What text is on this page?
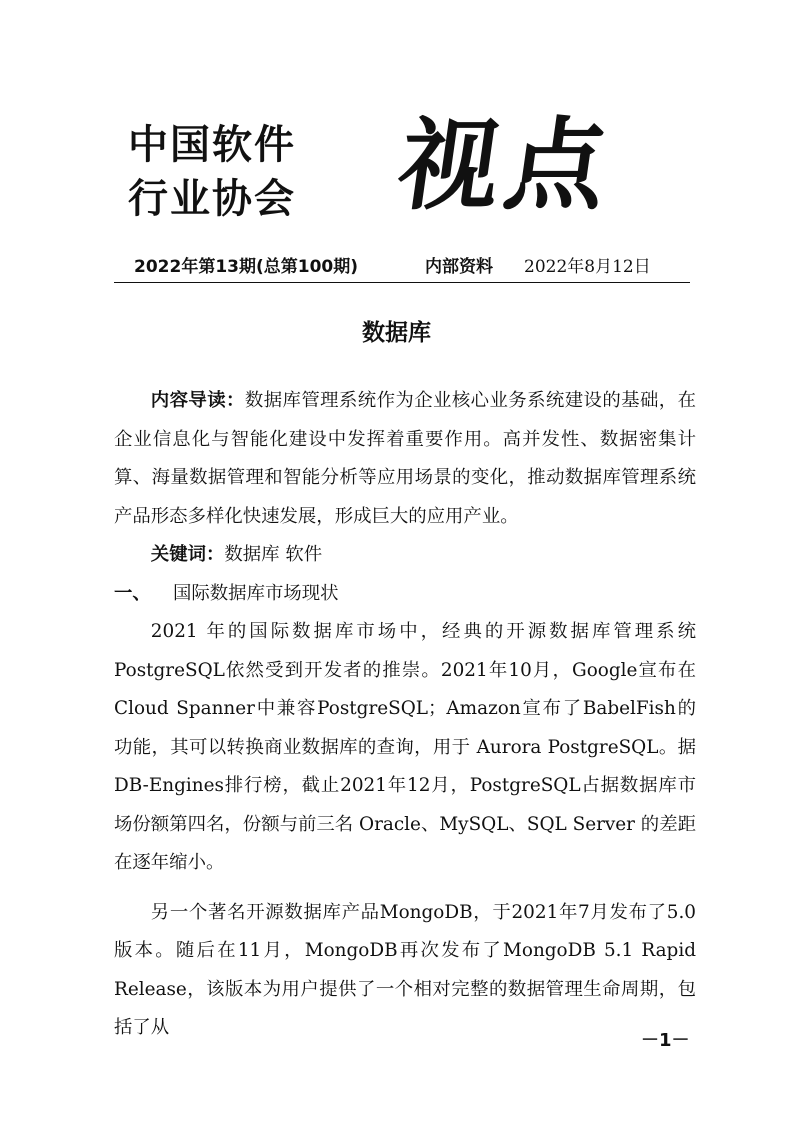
中国软件
行业协会 视点
2022年第13期(总第100期)	内部资料 2022年8月12日
数据库

内容导读：数据库管理系统作为企业核心业务系统建设的基础，在企业信息化与智能化建设中发挥着重要作用。高并发性、数据密集计算、海量数据管理和智能分析等应用场景的变化，推动数据库管理系统产品形态多样化快速发展，形成巨大的应用产业。

关键词：数据库 软件

一、 国际数据库市场现状

2021 年的国际数据库市场中，经典的开源数据库管理系统PostgreSQL依然受到开发者的推崇。2021年10月，Google宣布在Cloud Spanner中兼容PostgreSQL；Amazon宣布了BabelFish的功能，其可以转换商业数据库的查询，用于 Aurora PostgreSQL。据DB-Engines排行榜，截止2021年12月，PostgreSQL占据数据库市场份额第四名，份额与前三名 Oracle、MySQL、SQL Server 的差距在逐年缩小。

另一个著名开源数据库产品MongoDB，于2021年7月发布了5.0版本。随后在11月，MongoDB再次发布了MongoDB 5.1 Rapid Release，该版本为用户提供了一个相对完整的数据管理生命周期，包括了从

－1－
